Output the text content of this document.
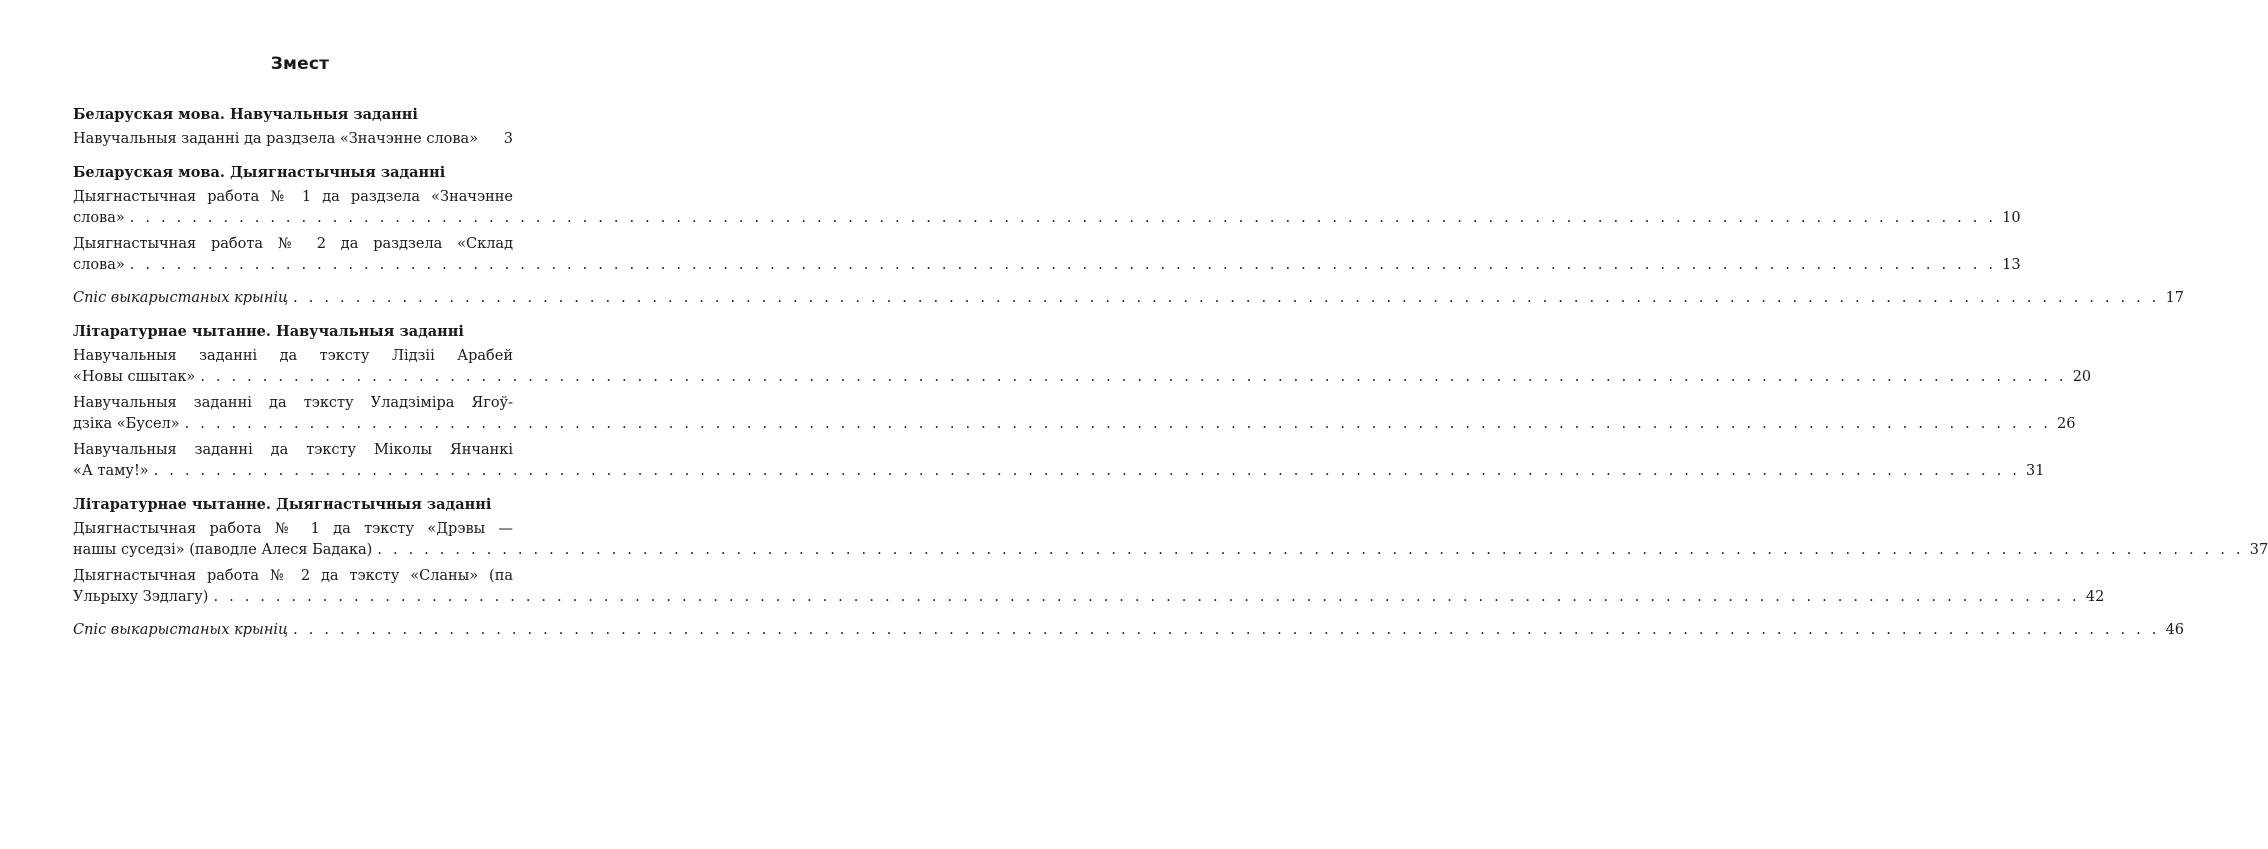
Змест
Беларуская мова. Навучальныя заданні
Навучальныя заданні да раздзела «Значэнне слова»	3
Беларуская мова. Дыягнастычныя заданні
Дыягнастычная работа № 1 да раздзела «Значэнне
слова» . . . . . . . . . . . . . . . . . . . . . . . . . . . . . . . . . . . . . . . . . . . . . . . . . . . . . . . . . . . . . . . . . . . . . . . . . . . . . . . . . . . . . . . . . . . . . . . . . . . . . . . . . . . . . . . . . . . . . . . . 10
Дыягнастычная работа № 2 да раздзела «Склад
слова» . . . . . . . . . . . . . . . . . . . . . . . . . . . . . . . . . . . . . . . . . . . . . . . . . . . . . . . . . . . . . . . . . . . . . . . . . . . . . . . . . . . . . . . . . . . . . . . . . . . . . . . . . . . . . . . . . . . . . . . . 13
Спіс выкарыстаных крыніц . . . . . . . . . . . . . . . . . . . . . . . . . . . . . . . . . . . . . . . . . . . . . . . . . . . . . . . . . . . . . . . . . . . . . . . . . . . . . . . . . . . . . . . . . . . . . . . . . . . . . . . . . . . . . . . . . . . . . . . . 17
Літаратурнае чытанне. Навучальныя заданні
Навучальныя заданні да тэксту Лідзіі Арабей
«Новы сшытак» . . . . . . . . . . . . . . . . . . . . . . . . . . . . . . . . . . . . . . . . . . . . . . . . . . . . . . . . . . . . . . . . . . . . . . . . . . . . . . . . . . . . . . . . . . . . . . . . . . . . . . . . . . . . . . . . . . . . . . . . 20
Навучальныя заданні да тэксту Уладзіміра Ягоў-
дзіка «Бусел» . . . . . . . . . . . . . . . . . . . . . . . . . . . . . . . . . . . . . . . . . . . . . . . . . . . . . . . . . . . . . . . . . . . . . . . . . . . . . . . . . . . . . . . . . . . . . . . . . . . . . . . . . . . . . . . . . . . . . . . . 26
Навучальныя заданні да тэксту Міколы Янчанкі
«А таму!» . . . . . . . . . . . . . . . . . . . . . . . . . . . . . . . . . . . . . . . . . . . . . . . . . . . . . . . . . . . . . . . . . . . . . . . . . . . . . . . . . . . . . . . . . . . . . . . . . . . . . . . . . . . . . . . . . . . . . . . . 31
Літаратурнае чытанне. Дыягнастычныя заданні
Дыягнастычная работа № 1 да тэксту «Дрэвы —
нашы суседзі» (паводле Алеся Бадака) . . . . . . . . . . . . . . . . . . . . . . . . . . . . . . . . . . . . . . . . . . . . . . . . . . . . . . . . . . . . . . . . . . . . . . . . . . . . . . . . . . . . . . . . . . . . . . . . . . . . . . . . . . . . . . . . . . . . . . . . 37
Дыягнастычная работа № 2 да тэксту «Сланы» (па
Ульрыху Зэдлагу) . . . . . . . . . . . . . . . . . . . . . . . . . . . . . . . . . . . . . . . . . . . . . . . . . . . . . . . . . . . . . . . . . . . . . . . . . . . . . . . . . . . . . . . . . . . . . . . . . . . . . . . . . . . . . . . . . . . . . . . . 42
Спіс выкарыстаных крыніц . . . . . . . . . . . . . . . . . . . . . . . . . . . . . . . . . . . . . . . . . . . . . . . . . . . . . . . . . . . . . . . . . . . . . . . . . . . . . . . . . . . . . . . . . . . . . . . . . . . . . . . . . . . . . . . . . . . . . . . . 46
